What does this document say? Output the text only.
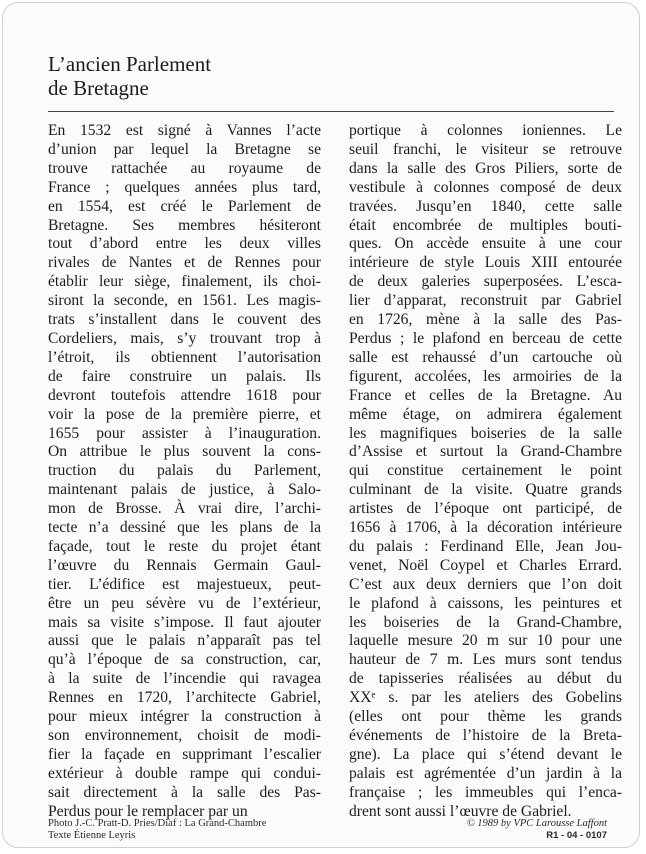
L’ancien Parlement
de Bretagne
En 1532 est signé à Vannes l’acte
d’union par lequel la Bretagne se
trouve rattachée au royaume de
France ; quelques années plus tard,
en 1554, est créé le Parlement de
Bretagne. Ses membres hésiteront
tout d’abord entre les deux villes
rivales de Nantes et de Rennes pour
établir leur siège, finalement, ils choi-
siront la seconde, en 1561. Les magis-
trats s’installent dans le couvent des
Cordeliers, mais, s’y trouvant trop à
l’étroit, ils obtiennent l’autorisation
de faire construire un palais. Ils
devront toutefois attendre 1618 pour
voir la pose de la première pierre, et
1655 pour assister à l’inauguration.
On attribue le plus souvent la cons-
truction du palais du Parlement,
maintenant palais de justice, à Salo-
mon de Brosse. À vrai dire, l’archi-
tecte n’a dessiné que les plans de la
façade, tout le reste du projet étant
l’œuvre du Rennais Germain Gaul-
tier. L’édifice est majestueux, peut-
être un peu sévère vu de l’extérieur,
mais sa visite s’impose. Il faut ajouter
aussi que le palais n’apparaît pas tel
qu’à l’époque de sa construction, car,
à la suite de l’incendie qui ravagea
Rennes en 1720, l’architecte Gabriel,
pour mieux intégrer la construction à
son environnement, choisit de modi-
fier la façade en supprimant l’escalier
extérieur à double rampe qui condui-
sait directement à la salle des Pas-
Perdus pour le remplacer par un
portique à colonnes ioniennes. Le
seuil franchi, le visiteur se retrouve
dans la salle des Gros Piliers, sorte de
vestibule à colonnes composé de deux
travées. Jusqu’en 1840, cette salle
était encombrée de multiples bouti-
ques. On accède ensuite à une cour
intérieure de style Louis XIII entourée
de deux galeries superposées. L’esca-
lier d’apparat, reconstruit par Gabriel
en 1726, mène à la salle des Pas-
Perdus ; le plafond en berceau de cette
salle est rehaussé d’un cartouche où
figurent, accolées, les armoiries de la
France et celles de la Bretagne. Au
même étage, on admirera également
les magnifiques boiseries de la salle
d’Assise et surtout la Grand-Chambre
qui constitue certainement le point
culminant de la visite. Quatre grands
artistes de l’époque ont participé, de
1656 à 1706, à la décoration intérieure
du palais : Ferdinand Elle, Jean Jou-
venet, Noël Coypel et Charles Errard.
C’est aux deux derniers que l’on doit
le plafond à caissons, les peintures et
les boiseries de la Grand-Chambre,
laquelle mesure 20 m sur 10 pour une
hauteur de 7 m. Les murs sont tendus
de tapisseries réalisées au début du
XXᵉ s. par les ateliers des Gobelins
(elles ont pour thème les grands
événements de l’histoire de la Breta-
gne). La place qui s’étend devant le
palais est agrémentée d’un jardin à la
française ; les immeubles qui l’enca-
drent sont aussi l’œuvre de Gabriel.
Photo J.-C. Pratt-D. Pries/Diaf : La Grand-Chambre
Texte Étienne Leyris
© 1989 by VPC Larousse Laffont
R1 - 04 - 0107
